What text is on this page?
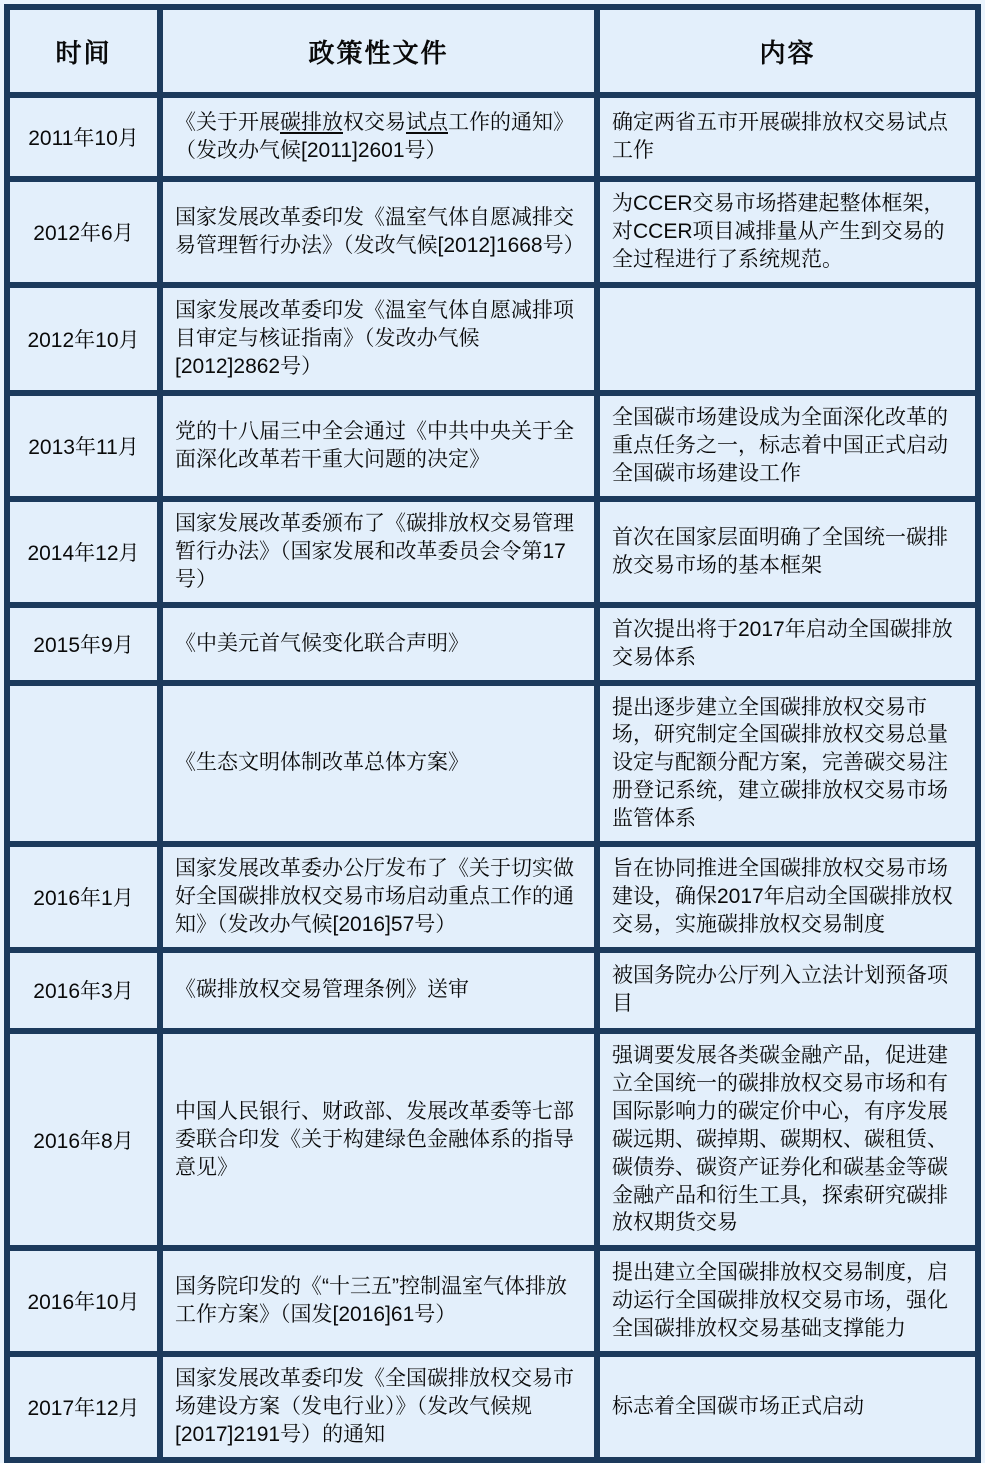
时间	政策性文件	内容
2011年10月	《关于开展碳排放权交易试点工作的通知》（发改办气候[2011]2601号）	确定两省五市开展碳排放权交易试点工作
2012年6月	国家发展改革委印发《温室气体自愿减排交易管理暂行办法》（发改气候[2012]1668号）	为CCER交易市场搭建起整体框架，对CCER项目减排量从产生到交易的全过程进行了系统规范。
2012年10月	国家发展改革委印发《温室气体自愿减排项目审定与核证指南》（发改办气候[2012]2862号）	
2013年11月	党的十八届三中全会通过《中共中央关于全面深化改革若干重大问题的决定》	全国碳市场建设成为全面深化改革的重点任务之一，标志着中国正式启动全国碳市场建设工作
2014年12月	国家发展改革委颁布了《碳排放权交易管理暂行办法》（国家发展和改革委员会令第17号）	首次在国家层面明确了全国统一碳排放交易市场的基本框架
2015年9月	《中美元首气候变化联合声明》	首次提出将于2017年启动全国碳排放交易体系
	《生态文明体制改革总体方案》	提出逐步建立全国碳排放权交易市场，研究制定全国碳排放权交易总量设定与配额分配方案，完善碳交易注册登记系统，建立碳排放权交易市场监管体系
2016年1月	国家发展改革委办公厅发布了《关于切实做好全国碳排放权交易市场启动重点工作的通知》（发改办气候[2016]57号）	旨在协同推进全国碳排放权交易市场建设，确保2017年启动全国碳排放权交易，实施碳排放权交易制度
2016年3月	《碳排放权交易管理条例》送审	被国务院办公厅列入立法计划预备项目
2016年8月	中国人民银行、财政部、发展改革委等七部委联合印发《关于构建绿色金融体系的指导意见》	强调要发展各类碳金融产品，促进建立全国统一的碳排放权交易市场和有国际影响力的碳定价中心，有序发展碳远期、碳掉期、碳期权、碳租赁、碳债券、碳资产证券化和碳基金等碳金融产品和衍生工具，探索研究碳排放权期货交易
2016年10月	国务院印发的《“十三五”控制温室气体排放工作方案》（国发[2016]61号）	提出建立全国碳排放权交易制度，启动运行全国碳排放权交易市场，强化全国碳排放权交易基础支撑能力
2017年12月	国家发展改革委印发《全国碳排放权交易市场建设方案（发电行业）》（发改气候规[2017]2191号）的通知	标志着全国碳市场正式启动
